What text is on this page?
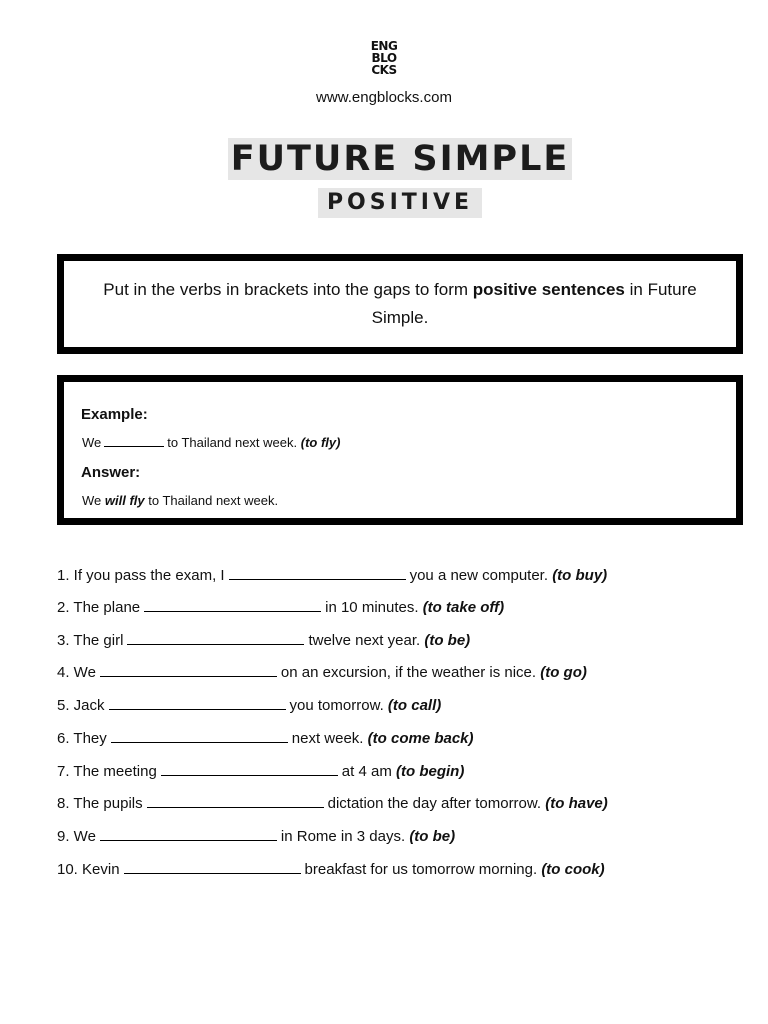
ENG
BLO
CKS
www.engblocks.com
FUTURE SIMPLE
POSITIVE
Put in the verbs in brackets into the gaps to form positive sentences in Future Simple.
Example:
We	to Thailand next week. (to fly)
Answer:
We will fly to Thailand next week.
1. If you pass the exam, I	you a new computer. (to buy)
2. The plane	in 10 minutes. (to take off)
3. The girl	twelve next year. (to be)
4. We	on an excursion, if the weather is nice. (to go)
5. Jack	you tomorrow. (to call)
6. They	next week. (to come back)
7. The meeting	at 4 am (to begin)
8. The pupils	dictation the day after tomorrow. (to have)
9. We	in Rome in 3 days. (to be)
10. Kevin	breakfast for us tomorrow morning. (to cook)
